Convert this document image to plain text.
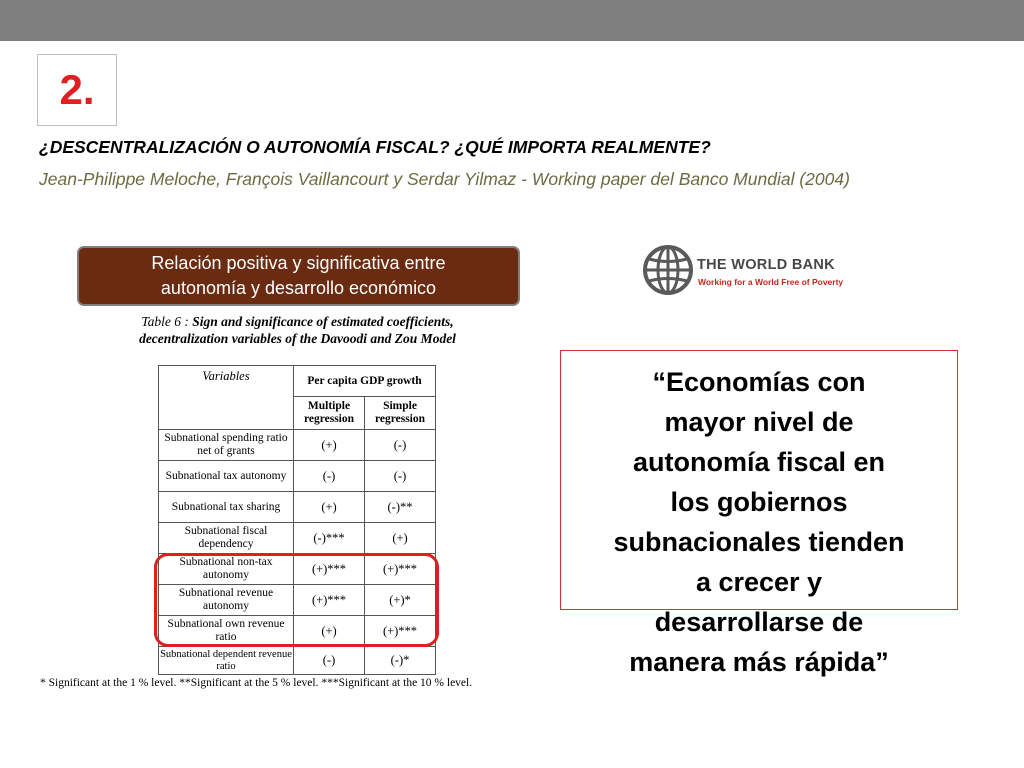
2.
¿DESCENTRALIZACIÓN O AUTONOMÍA FISCAL? ¿QUÉ IMPORTA REALMENTE?
Jean-Philippe Meloche, François Vaillancourt y Serdar Yilmaz - Working paper del Banco Mundial (2004)
Relación positiva y significativa entre
autonomía y desarrollo económico
THE WORLD BANK
Working for a World Free of Poverty
Table 6 : Sign and significance of estimated coefficients,
decentralization variables of the Davoodi and Zou Model
Variables	Per capita GDP growth	
	Multiple regression	Simple regression
Subnational spending ratio net of grants	(+)	(-)
Subnational tax autonomy	(-)	(-)
Subnational tax sharing	(+)	(-)**
Subnational fiscal dependency	(-)***	(+)
Subnational non-tax autonomy	(+)***	(+)***
Subnational revenue autonomy	(+)***	(+)*
Subnational own revenue ratio	(+)	(+)***
Subnational dependent revenue ratio	(-)	(-)*
* Significant at the 1 % level. **Significant at the 5 % level. ***Significant at the 10 % level.
“Economías con
mayor nivel de
autonomía fiscal en
los gobiernos
subnacionales tienden
a crecer y
desarrollarse de
manera más rápida”
